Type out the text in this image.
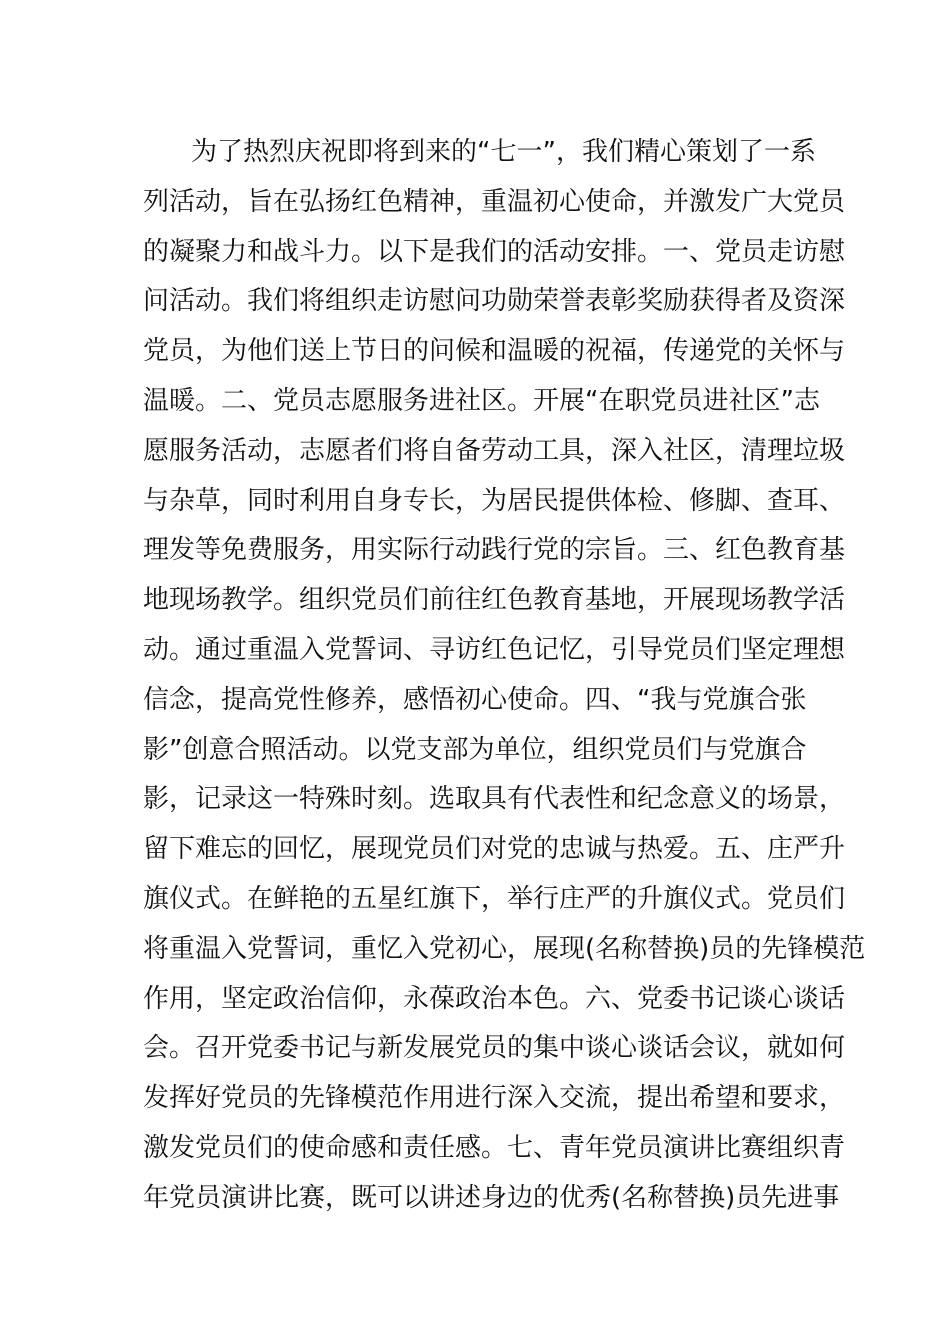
为了热烈庆祝即将到来的“七一”，我们精心策划了一系
列活动，旨在弘扬红色精神，重温初心使命，并激发广大党员
的凝聚力和战斗力。以下是我们的活动安排。一、党员走访慰
问活动。我们将组织走访慰问功勋荣誉表彰奖励获得者及资深
党员，为他们送上节日的问候和温暖的祝福，传递党的关怀与
温暖。二、党员志愿服务进社区。开展“在职党员进社区”志
愿服务活动，志愿者们将自备劳动工具，深入社区，清理垃圾
与杂草，同时利用自身专长，为居民提供体检、修脚、查耳、
理发等免费服务，用实际行动践行党的宗旨。三、红色教育基
地现场教学。组织党员们前往红色教育基地，开展现场教学活
动。通过重温入党誓词、寻访红色记忆，引导党员们坚定理想
信念，提高党性修养，感悟初心使命。四、“我与党旗合张
影”创意合照活动。以党支部为单位，组织党员们与党旗合
影，记录这一特殊时刻。选取具有代表性和纪念意义的场景，
留下难忘的回忆，展现党员们对党的忠诚与热爱。五、庄严升
旗仪式。在鲜艳的五星红旗下，举行庄严的升旗仪式。党员们
将重温入党誓词，重忆入党初心，展现(名称替换)员的先锋模范
作用，坚定政治信仰，永葆政治本色。六、党委书记谈心谈话
会。召开党委书记与新发展党员的集中谈心谈话会议，就如何
发挥好党员的先锋模范作用进行深入交流，提出希望和要求，
激发党员们的使命感和责任感。七、青年党员演讲比赛组织青
年党员演讲比赛，既可以讲述身边的优秀(名称替换)员先进事
